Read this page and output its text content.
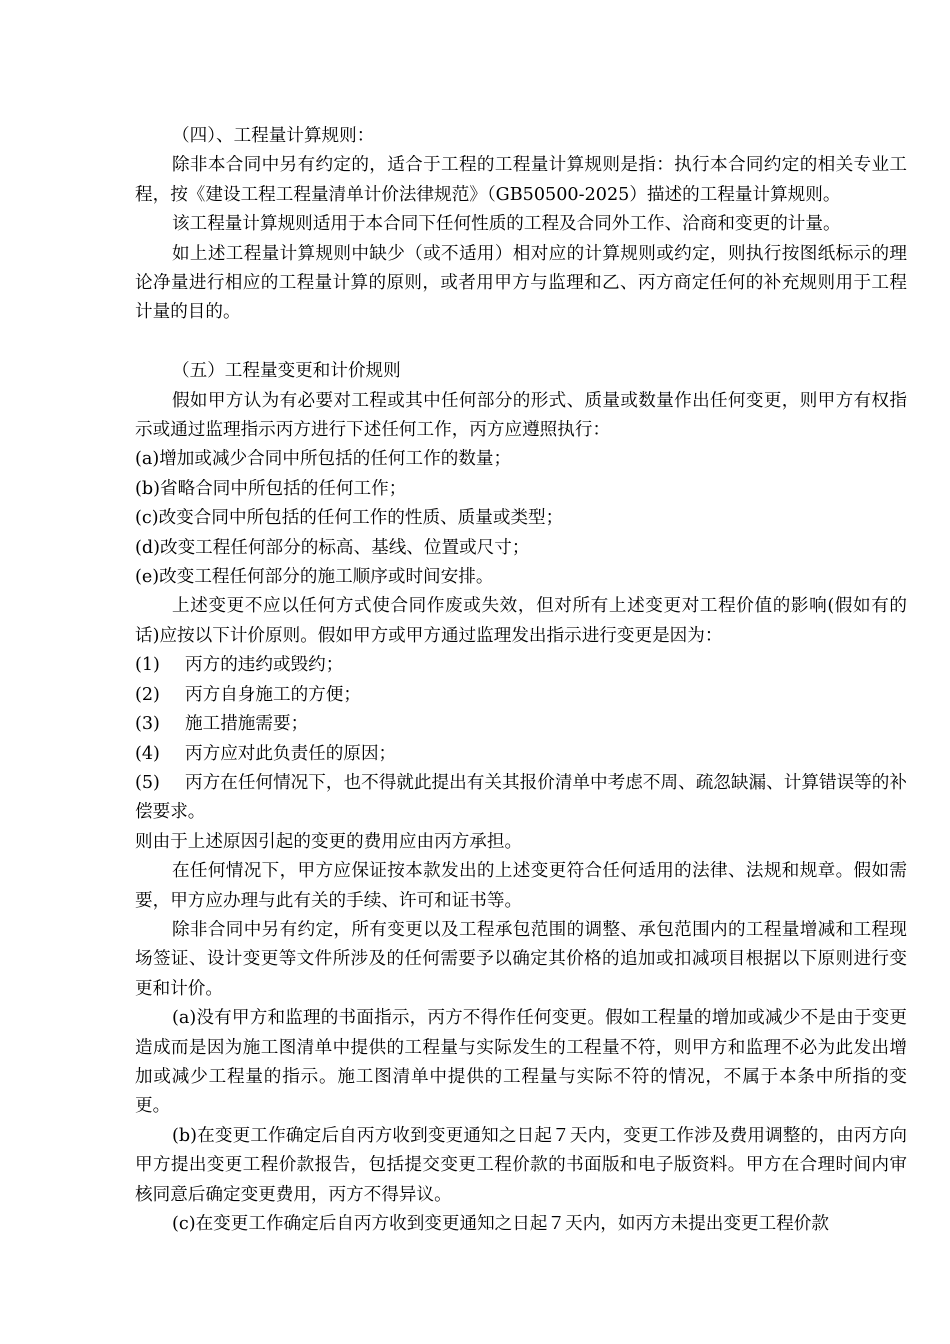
（四）、工程量计算规则：

除非本合同中另有约定的，适合于工程的工程量计算规则是指：执行本合同约定的相关专业工程，按《建设工程工程量清单计价法律规范》（GB50500-2025）描述的工程量计算规则。

该工程量计算规则适用于本合同下任何性质的工程及合同外工作、洽商和变更的计量。

如上述工程量计算规则中缺少（或不适用）相对应的计算规则或约定，则执行按图纸标示的理论净量进行相应的工程量计算的原则，或者用甲方与监理和乙、丙方商定任何的补充规则用于工程计量的目的。

（五）工程量变更和计价规则

假如甲方认为有必要对工程或其中任何部分的形式、质量或数量作出任何变更，则甲方有权指示或通过监理指示丙方进行下述任何工作，丙方应遵照执行：

(a)增加或减少合同中所包括的任何工作的数量；

(b)省略合同中所包括的任何工作；

(c)改变合同中所包括的任何工作的性质、质量或类型；

(d)改变工程任何部分的标高、基线、位置或尺寸；

(e)改变工程任何部分的施工顺序或时间安排。

上述变更不应以任何方式使合同作废或失效，但对所有上述变更对工程价值的影响(假如有的话)应按以下计价原则。假如甲方或甲方通过监理发出指示进行变更是因为：

(1) 丙方的违约或毁约；

(2) 丙方自身施工的方便；

(3) 施工措施需要；

(4) 丙方应对此负责任的原因；

(5) 丙方在任何情况下，也不得就此提出有关其报价清单中考虑不周、疏忽缺漏、计算错误等的补偿要求。

则由于上述原因引起的变更的费用应由丙方承担。

在任何情况下，甲方应保证按本款发出的上述变更符合任何适用的法律、法规和规章。假如需要，甲方应办理与此有关的手续、许可和证书等。

除非合同中另有约定，所有变更以及工程承包范围的调整、承包范围内的工程量增减和工程现场签证、设计变更等文件所涉及的任何需要予以确定其价格的追加或扣减项目根据以下原则进行变更和计价。

(a)没有甲方和监理的书面指示，丙方不得作任何变更。假如工程量的增加或减少不是由于变更造成而是因为施工图清单中提供的工程量与实际发生的工程量不符，则甲方和监理不必为此发出增加或减少工程量的指示。施工图清单中提供的工程量与实际不符的情况，不属于本条中所指的变更。

(b)在变更工作确定后自丙方收到变更通知之日起７天内，变更工作涉及费用调整的，由丙方向甲方提出变更工程价款报告，包括提交变更工程价款的书面版和电子版资料。甲方在合理时间内审核同意后确定变更费用，丙方不得异议。

(c)在变更工作确定后自丙方收到变更通知之日起７天内，如丙方未提出变更工程价款
